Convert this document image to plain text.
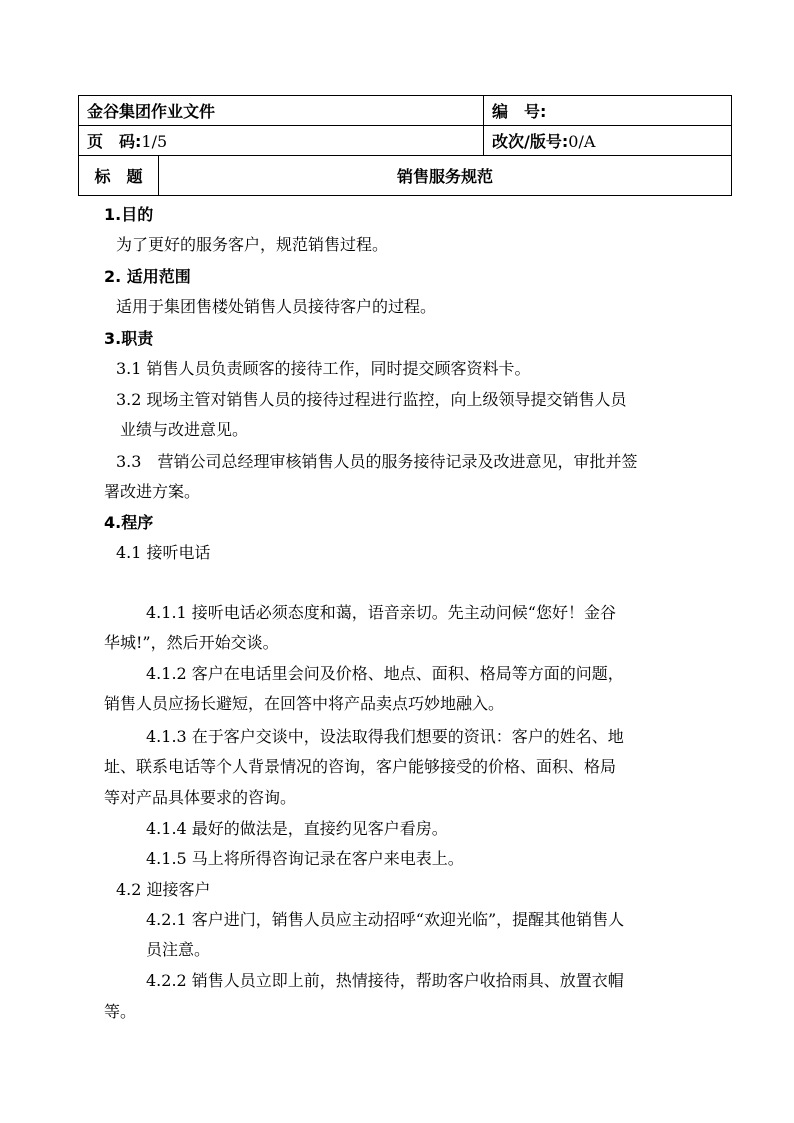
金谷集团作业文件		编　号:
页　码:1/5		改次/版号:0/A
标　题	销售服务规范	
1.目的
为了更好的服务客户，规范销售过程。
2. 适用范围
适用于集团售楼处销售人员接待客户的过程。
3.职责
3.1 销售人员负责顾客的接待工作，同时提交顾客资料卡。
3.2 现场主管对销售人员的接待过程进行监控，向上级领导提交销售人员
业绩与改进意见。
3.3　营销公司总经理审核销售人员的服务接待记录及改进意见，审批并签
署改进方案。
4.程序
4.1 接听电话
4.1.1 接听电话必须态度和蔼，语音亲切。先主动问候“您好！金谷
华城!”，然后开始交谈。
4.1.2 客户在电话里会问及价格、地点、面积、格局等方面的问题，
销售人员应扬长避短，在回答中将产品卖点巧妙地融入。
4.1.3 在于客户交谈中，设法取得我们想要的资讯：客户的姓名、地
址、联系电话等个人背景情况的咨询，客户能够接受的价格、面积、格局
等对产品具体要求的咨询。
4.1.4 最好的做法是，直接约见客户看房。
4.1.5 马上将所得咨询记录在客户来电表上。
4.2 迎接客户
4.2.1 客户进门，销售人员应主动招呼“欢迎光临”，提醒其他销售人
员注意。
4.2.2 销售人员立即上前，热情接待，帮助客户收拾雨具、放置衣帽
等。
